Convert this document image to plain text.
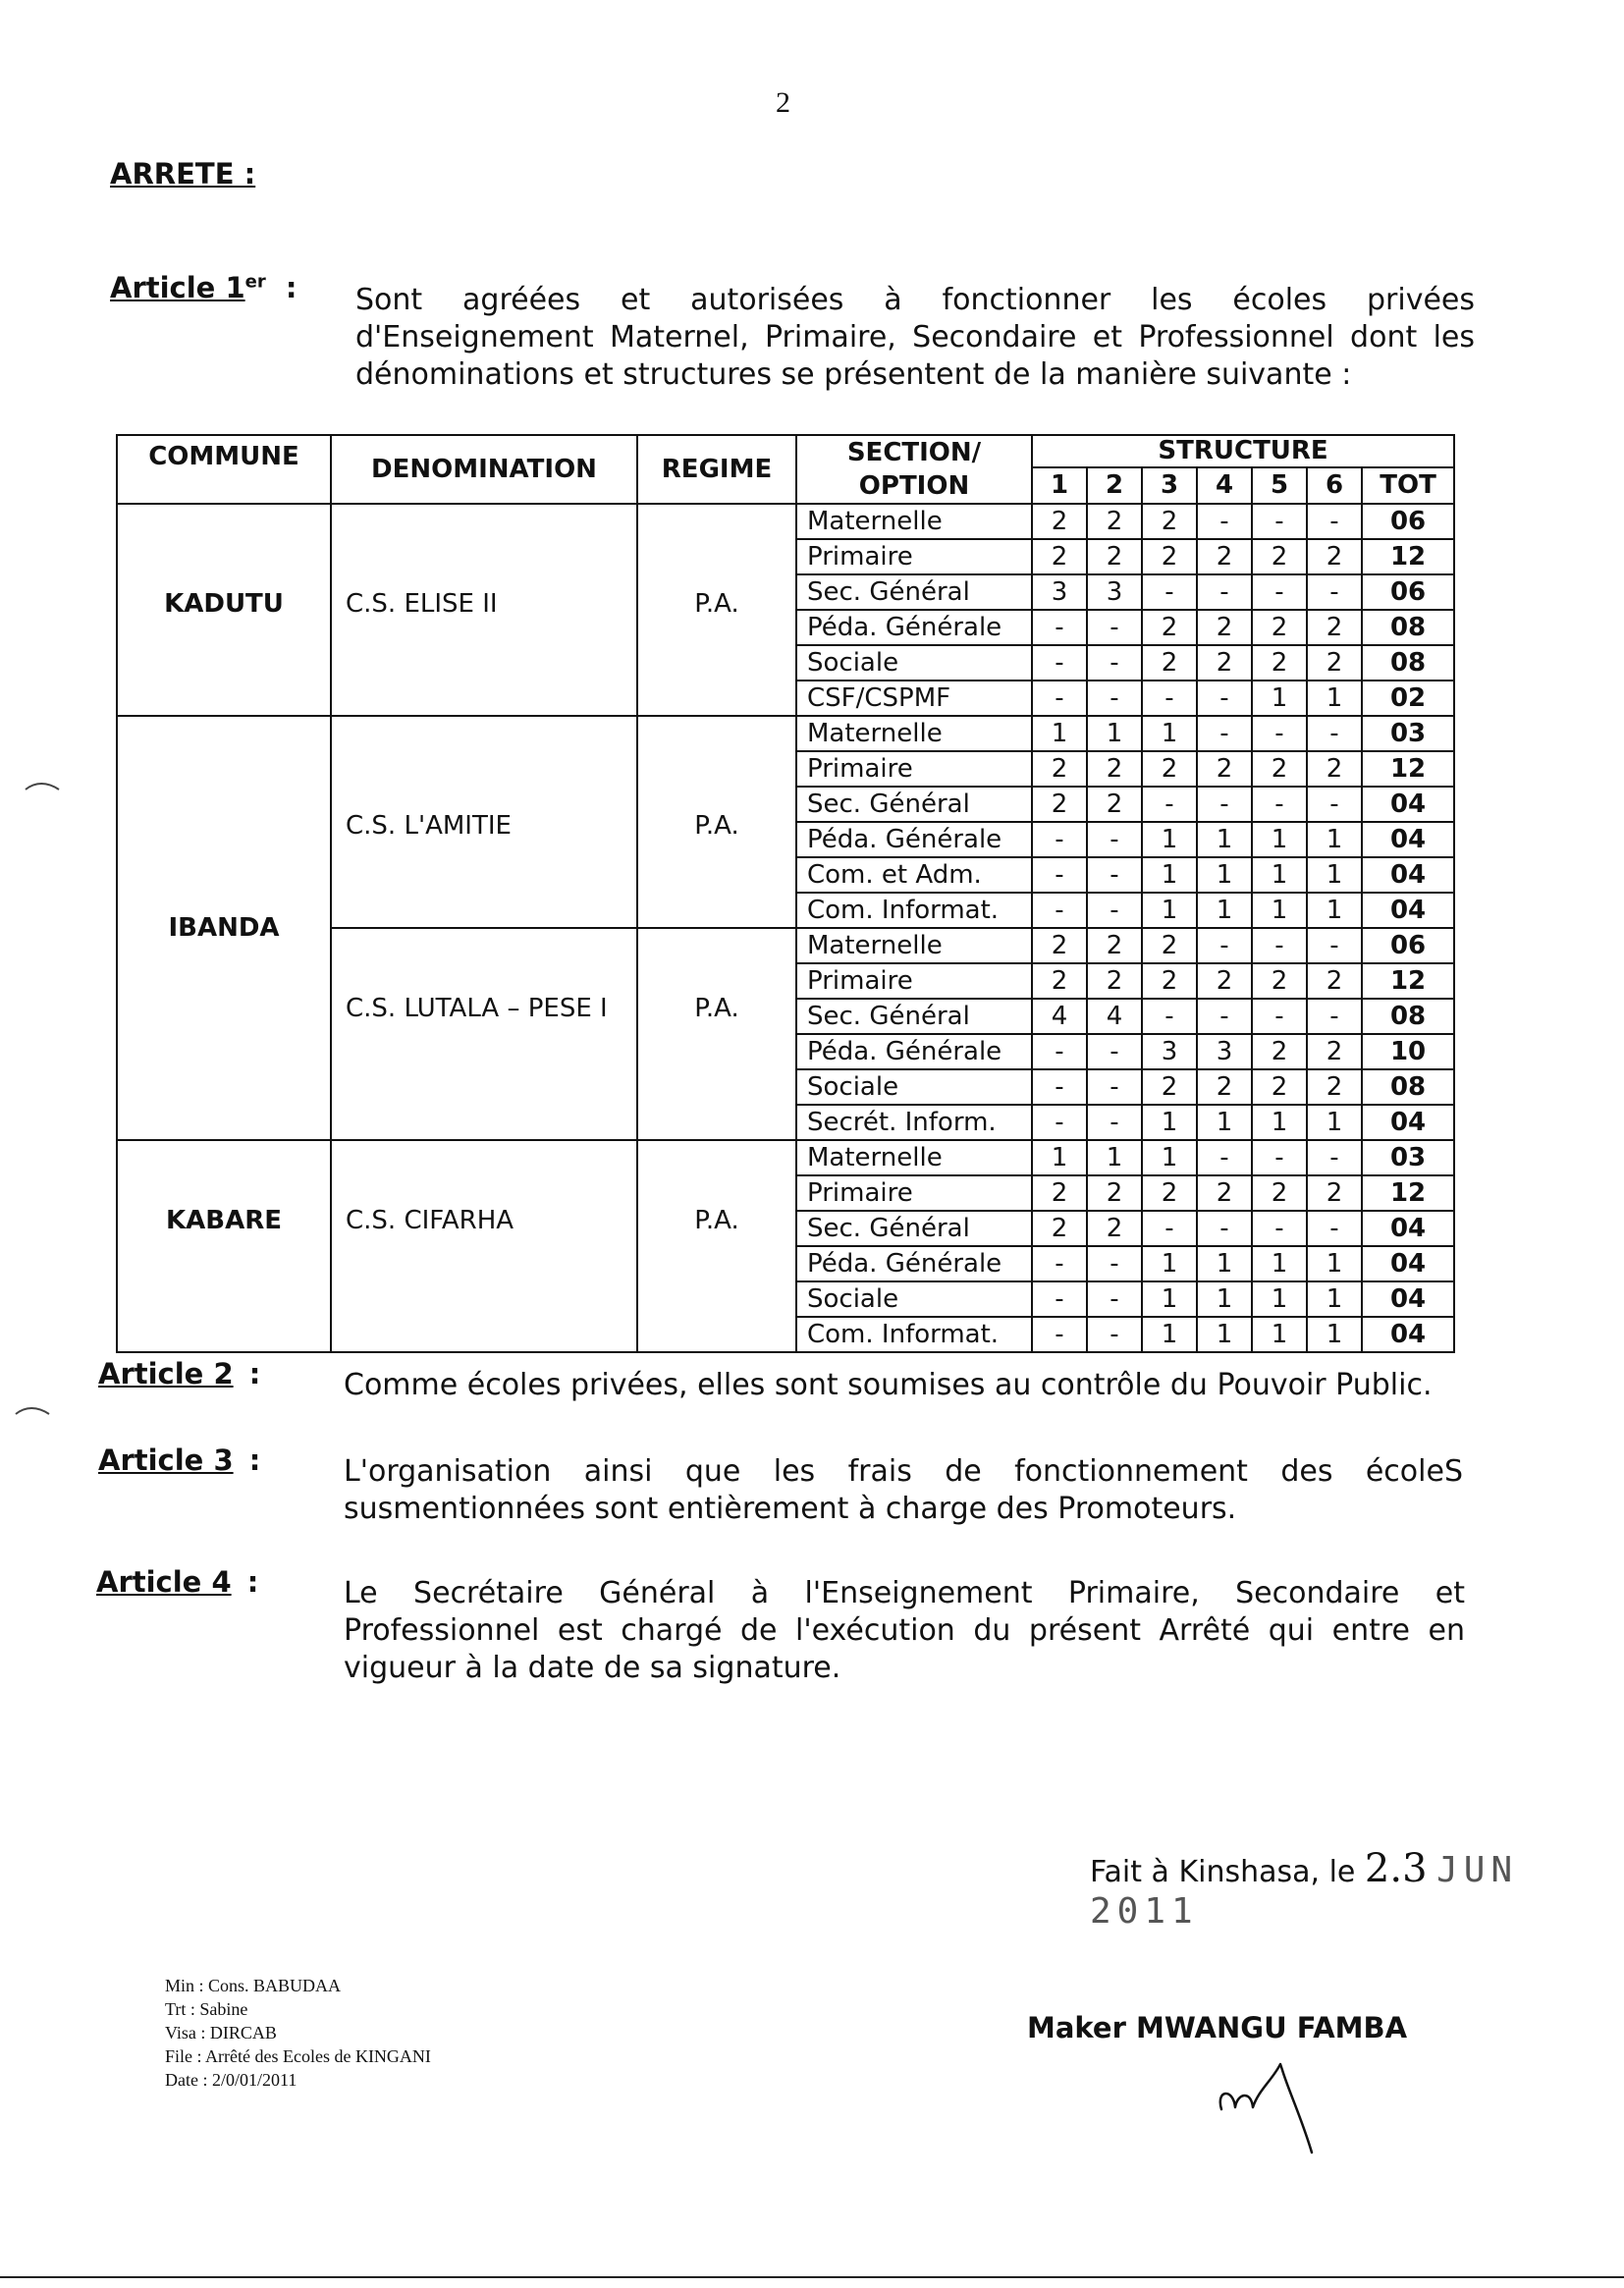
2
ARRETE :
Article 1er : Sont agréées et autorisées à fonctionner les écoles privées d'Enseignement Maternel, Primaire, Secondaire et Professionnel dont les dénominations et structures se présentent de la manière suivante :
COMMUNE	DENOMINATION	REGIME	SECTION/ OPTION	STRUCTURE						
				1	2	3	4	5	6	TOT
KADUTU	C.S. ELISE II	P.A.	Maternelle	2	2	2	-	-	-	06
			Primaire	2	2	2	2	2	2	12
			Sec. Général	3	3	-	-	-	-	06
			Péda. Générale	-	-	2	2	2	2	08
			Sociale	-	-	2	2	2	2	08
			CSF/CSPMF	-	-	-	-	1	1	02
IBANDA	C.S. L'AMITIE	P.A.	Maternelle	1	1	1	-	-	-	03
			Primaire	2	2	2	2	2	2	12
			Sec. Général	2	2	-	-	-	-	04
			Péda. Générale	-	-	1	1	1	1	04
			Com. et Adm.	-	-	1	1	1	1	04
			Com. Informat.	-	-	1	1	1	1	04
	C.S. LUTALA – PESE I	P.A.	Maternelle	2	2	2	-	-	-	06
			Primaire	2	2	2	2	2	2	12
			Sec. Général	4	4	-	-	-	-	08
			Péda. Générale	-	-	3	3	2	2	10
			Sociale	-	-	2	2	2	2	08
			Secrét. Inform.	-	-	1	1	1	1	04
KABARE	C.S. CIFARHA	P.A.	Maternelle	1	1	1	-	-	-	03
			Primaire	2	2	2	2	2	2	12
			Sec. Général	2	2	-	-	-	-	04
			Péda. Générale	-	-	1	1	1	1	04
			Sociale	-	-	1	1	1	1	04
			Com. Informat.	-	-	1	1	1	1	04
Article 2 :	Comme écoles privées, elles sont soumises au contrôle du Pouvoir Public.
Article 3 :	L'organisation ainsi que les frais de fonctionnement des écoleS susmentionnées sont entièrement à charge des Promoteurs.
Article 4 :	Le Secrétaire Général à l'Enseignement Primaire, Secondaire et Professionnel est chargé de l'exécution du présent Arrêté qui entre en vigueur à la date de sa signature.
Fait à Kinshasa, le 2.3 JUN 2011
Min : Cons. BABUDAA
Trt : Sabine
Visa : DIRCAB
File : Arrêté des Ecoles de KINGANI
Date : 2/0/01/2011
Maker MWANGU FAMBA
